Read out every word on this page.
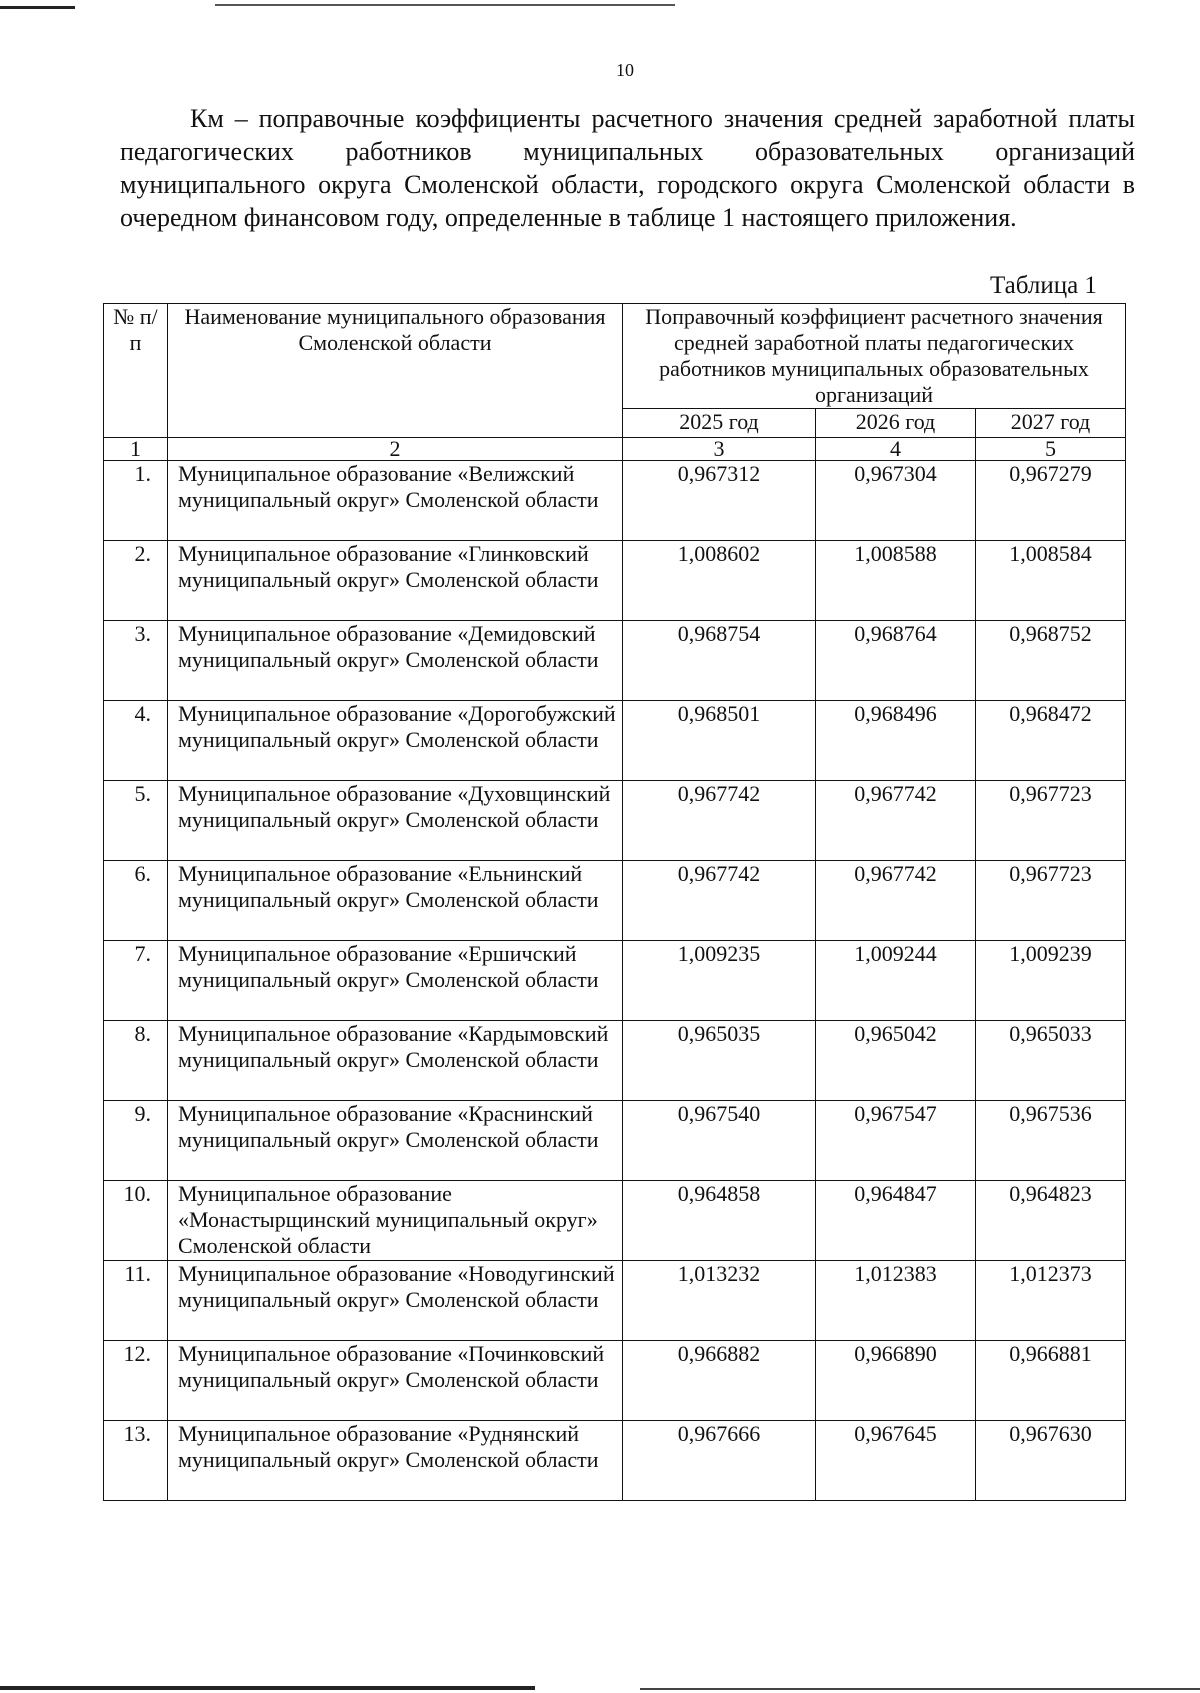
10

Км – поправочные коэффициенты расчетного значения средней заработной платы педагогических работников муниципальных образовательных организаций муниципального округа Смоленской области, городского округа Смоленской области в очередном финансовом году, определенные в таблице 1 настоящего приложения.

Таблица 1
№ п/п	Наименование муниципального образования Смоленской области	Поправочный коэффициент расчетного значения средней заработной платы педагогических работников муниципальных образовательных организаций		
		2025 год	2026 год	2027 год
1	2	3	4	5
1.	Муниципальное образование «Велижский муниципальный округ» Смоленской области	0,967312	0,967304	0,967279
2.	Муниципальное образование «Глинковский муниципальный округ» Смоленской области	1,008602	1,008588	1,008584
3.	Муниципальное образование «Демидовский муниципальный округ» Смоленской области	0,968754	0,968764	0,968752
4.	Муниципальное образование «Дорогобужский муниципальный округ» Смоленской области	0,968501	0,968496	0,968472
5.	Муниципальное образование «Духовщинский муниципальный округ» Смоленской области	0,967742	0,967742	0,967723
6.	Муниципальное образование «Ельнинский муниципальный округ» Смоленской области	0,967742	0,967742	0,967723
7.	Муниципальное образование «Ершичский муниципальный округ» Смоленской области	1,009235	1,009244	1,009239
8.	Муниципальное образование «Кардымовский муниципальный округ» Смоленской области	0,965035	0,965042	0,965033
9.	Муниципальное образование «Краснинский муниципальный округ» Смоленской области	0,967540	0,967547	0,967536
10.	Муниципальное образование «Монастырщинский муниципальный округ» Смоленской области	0,964858	0,964847	0,964823
11.	Муниципальное образование «Новодугинский муниципальный округ» Смоленской области	1,013232	1,012383	1,012373
12.	Муниципальное образование «Починковский муниципальный округ» Смоленской области	0,966882	0,966890	0,966881
13.	Муниципальное образование «Руднянский муниципальный округ» Смоленской области	0,967666	0,967645	0,967630
